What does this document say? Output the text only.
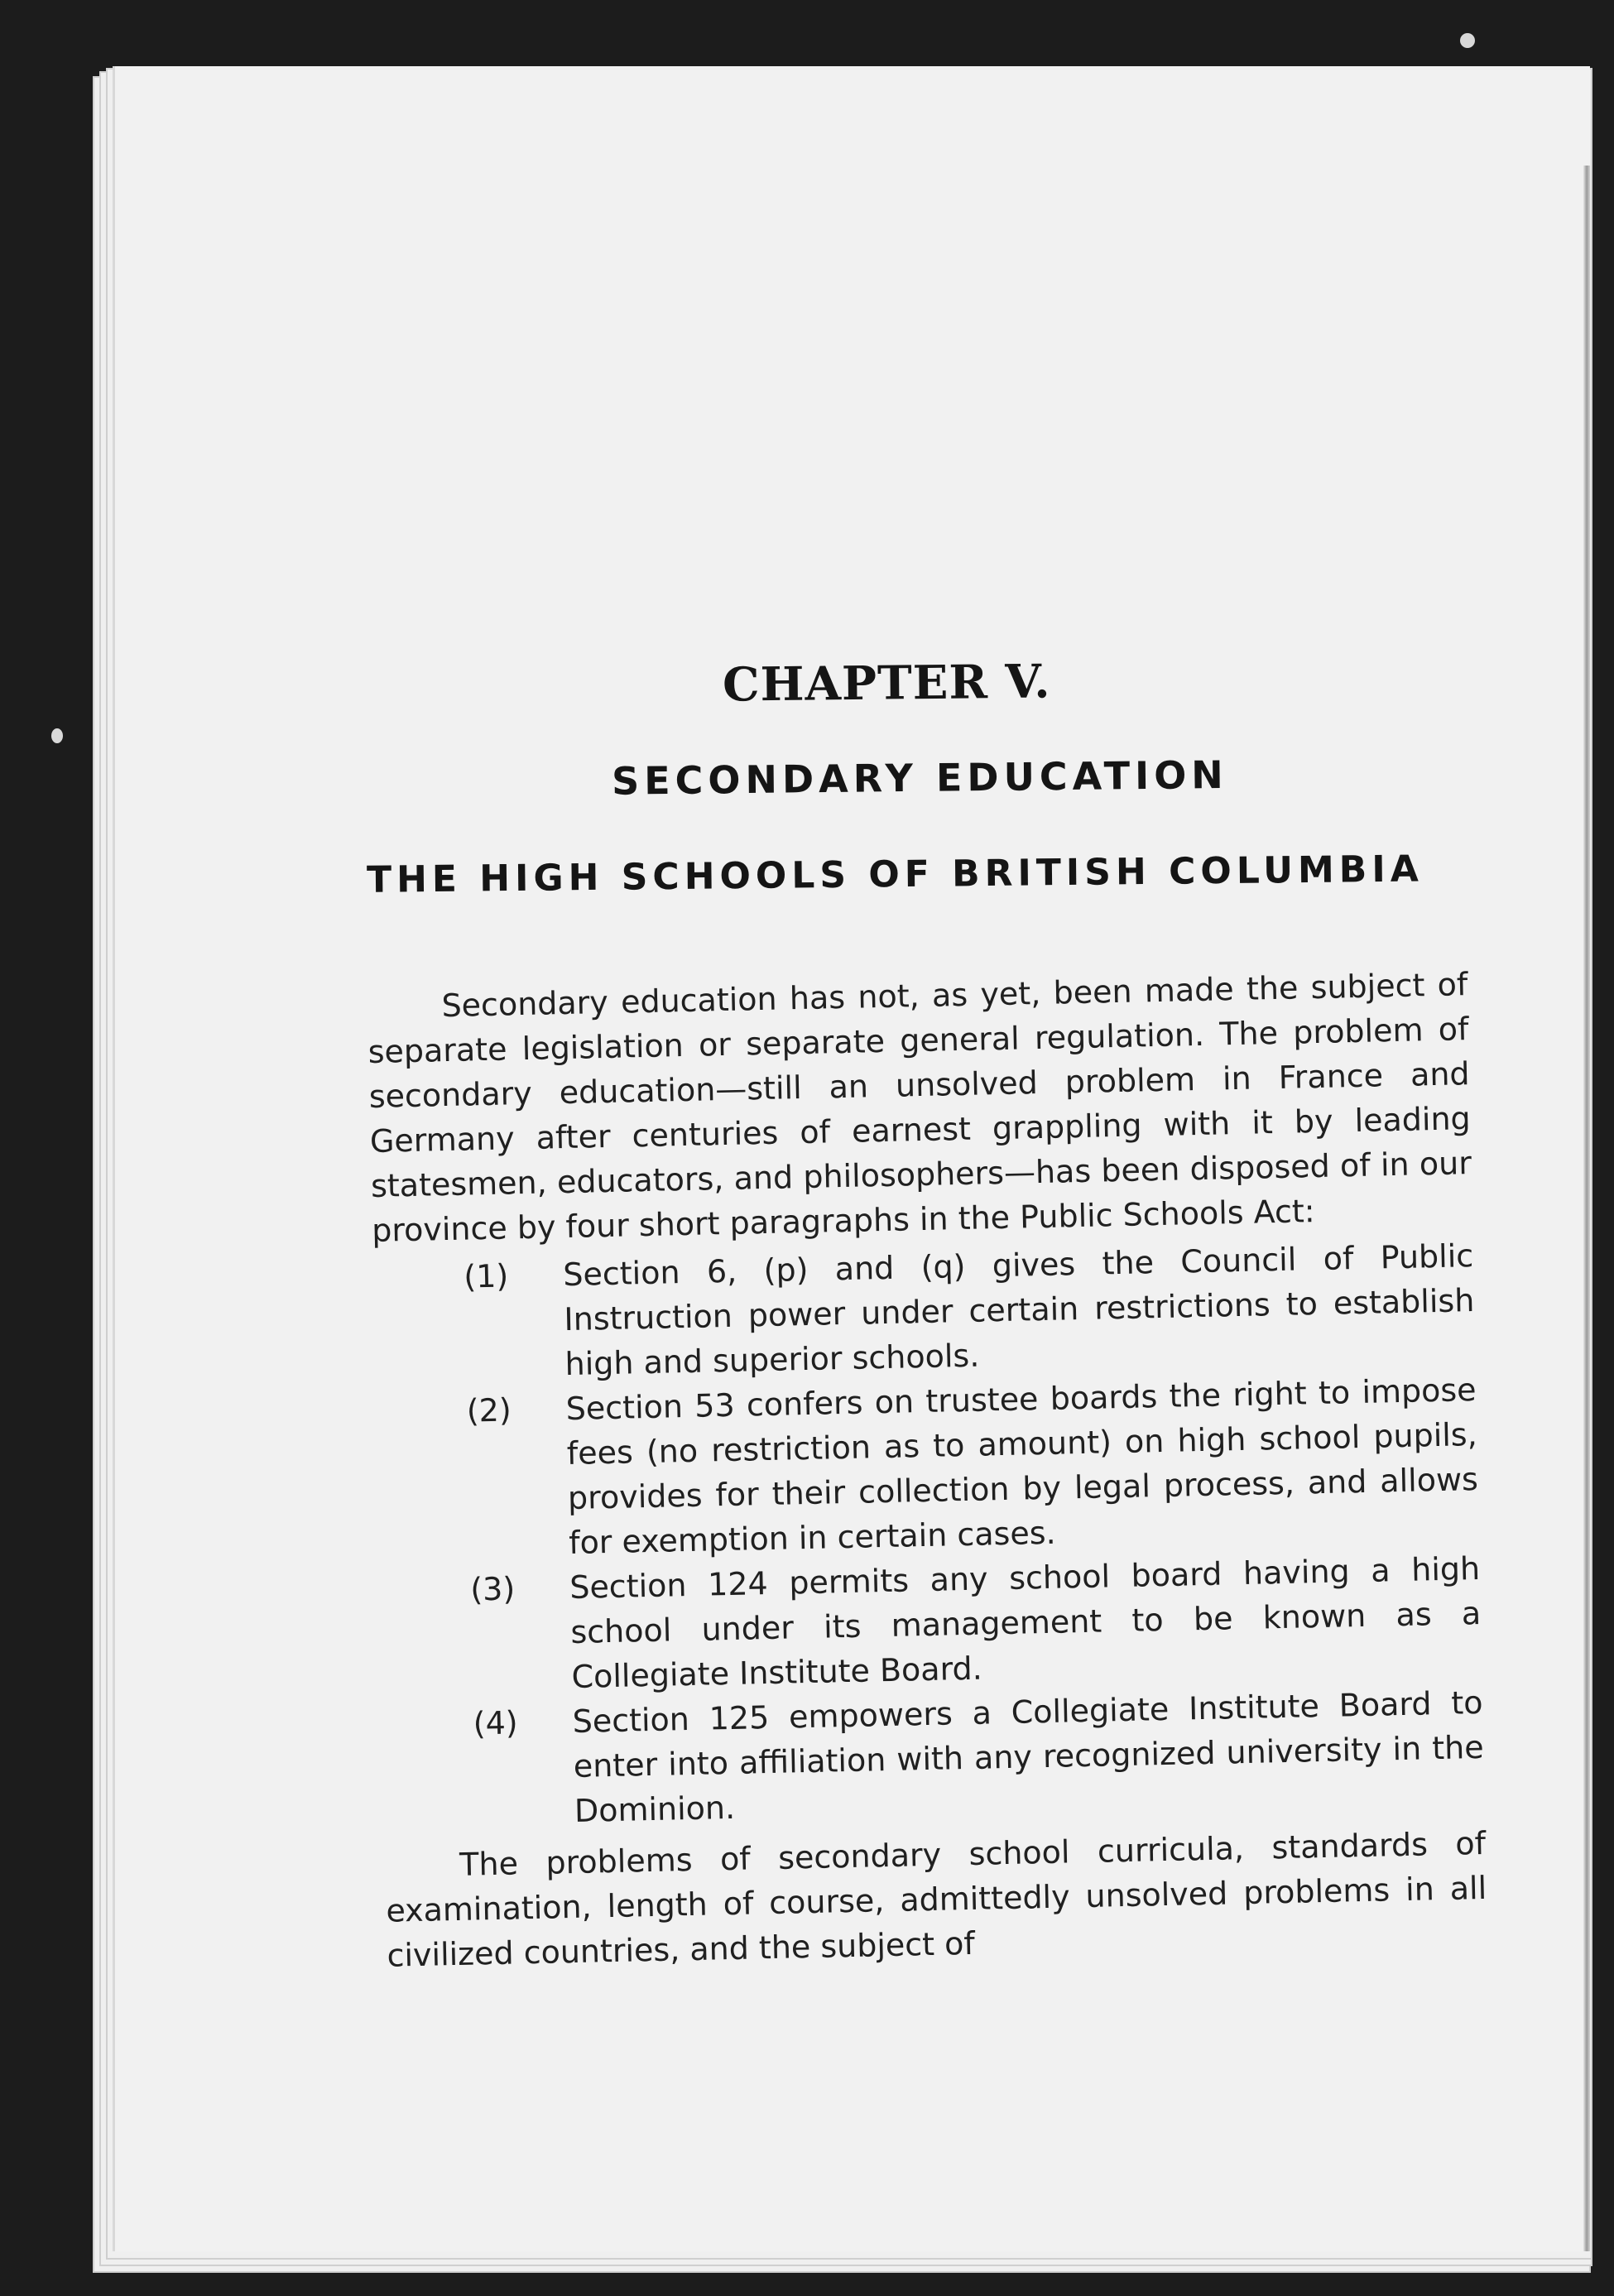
CHAPTER V.
SECONDARY EDUCATION
THE HIGH SCHOOLS OF BRITISH COLUMBIA

Secondary education has not, as yet, been made the subject of separate legislation or separate general regulation. The problem of secondary education—still an unsolved problem in France and Germany after centuries of earnest grappling with it by leading statesmen, educators, and philosophers—has been disposed of in our province by four short paragraphs in the Public Schools Act:

(1)	Section 6, (p) and (q) gives the Council of Public Instruction power under certain restrictions to establish high and superior schools.
(2)	Section 53 confers on trustee boards the right to impose fees (no restriction as to amount) on high school pupils, provides for their collection by legal process, and allows for exemption in certain cases.
(3)	Section 124 permits any school board having a high school under its management to be known as a Collegiate Institute Board.
(4)	Section 125 empowers a Collegiate Institute Board to enter into affiliation with any recognized university in the Dominion.

The problems of secondary school curricula, standards of examination, length of course, admittedly unsolved problems in all civilized countries, and the subject of
